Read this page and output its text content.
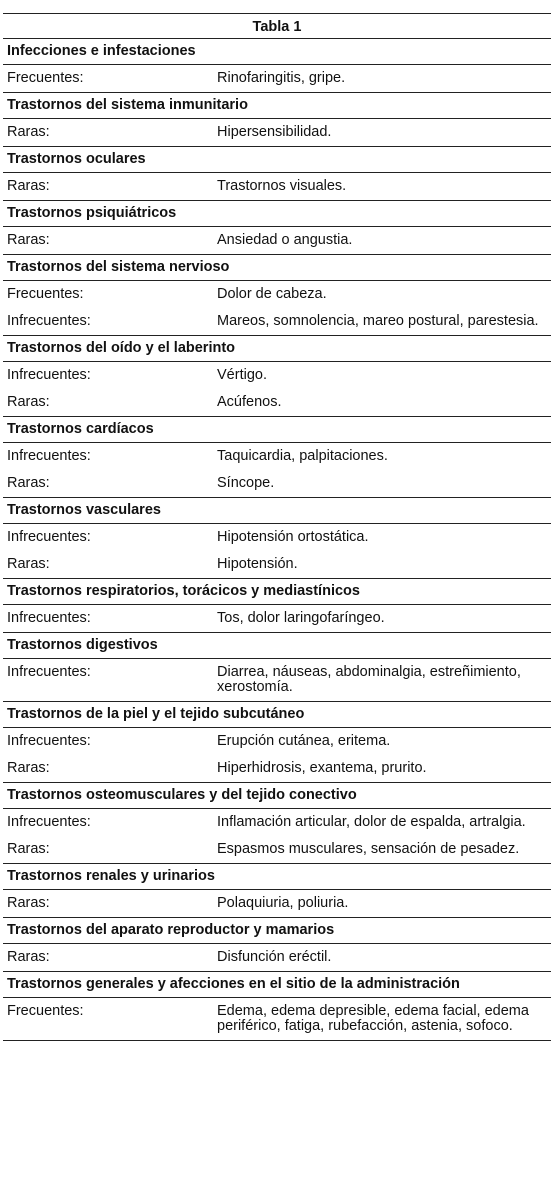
Tabla 1
Infecciones e infestaciones
Frecuentes:	Rinofaringitis, gripe.
Trastornos del sistema inmunitario
Raras:	Hipersensibilidad.
Trastornos oculares
Raras:	Trastornos visuales.
Trastornos psiquiátricos
Raras:	Ansiedad o angustia.
Trastornos del sistema nervioso
Frecuentes:	Dolor de cabeza.
Infrecuentes:	Mareos, somnolencia, mareo postural, parestesia.
Trastornos del oído y el laberinto
Infrecuentes:	Vértigo.
Raras:	Acúfenos.
Trastornos cardíacos
Infrecuentes:	Taquicardia, palpitaciones.
Raras:	Síncope.
Trastornos vasculares
Infrecuentes:	Hipotensión ortostática.
Raras:	Hipotensión.
Trastornos respiratorios, torácicos y mediastínicos
Infrecuentes:	Tos, dolor laringofaríngeo.
Trastornos digestivos
Infrecuentes:	Diarrea, náuseas, abdominalgia, estreñimiento, xerostomía.
Trastornos de la piel y el tejido subcutáneo
Infrecuentes:	Erupción cutánea, eritema.
Raras:	Hiperhidrosis, exantema, prurito.
Trastornos osteomusculares y del tejido conectivo
Infrecuentes:	Inflamación articular, dolor de espalda, artralgia.
Raras:	Espasmos musculares, sensación de pesadez.
Trastornos renales y urinarios
Raras:	Polaquiuria, poliuria.
Trastornos del aparato reproductor y mamarios
Raras:	Disfunción eréctil.
Trastornos generales y afecciones en el sitio de la administración
Frecuentes:	Edema, edema depresible, edema facial, edema periférico, fatiga, rubefacción, astenia, sofoco.
